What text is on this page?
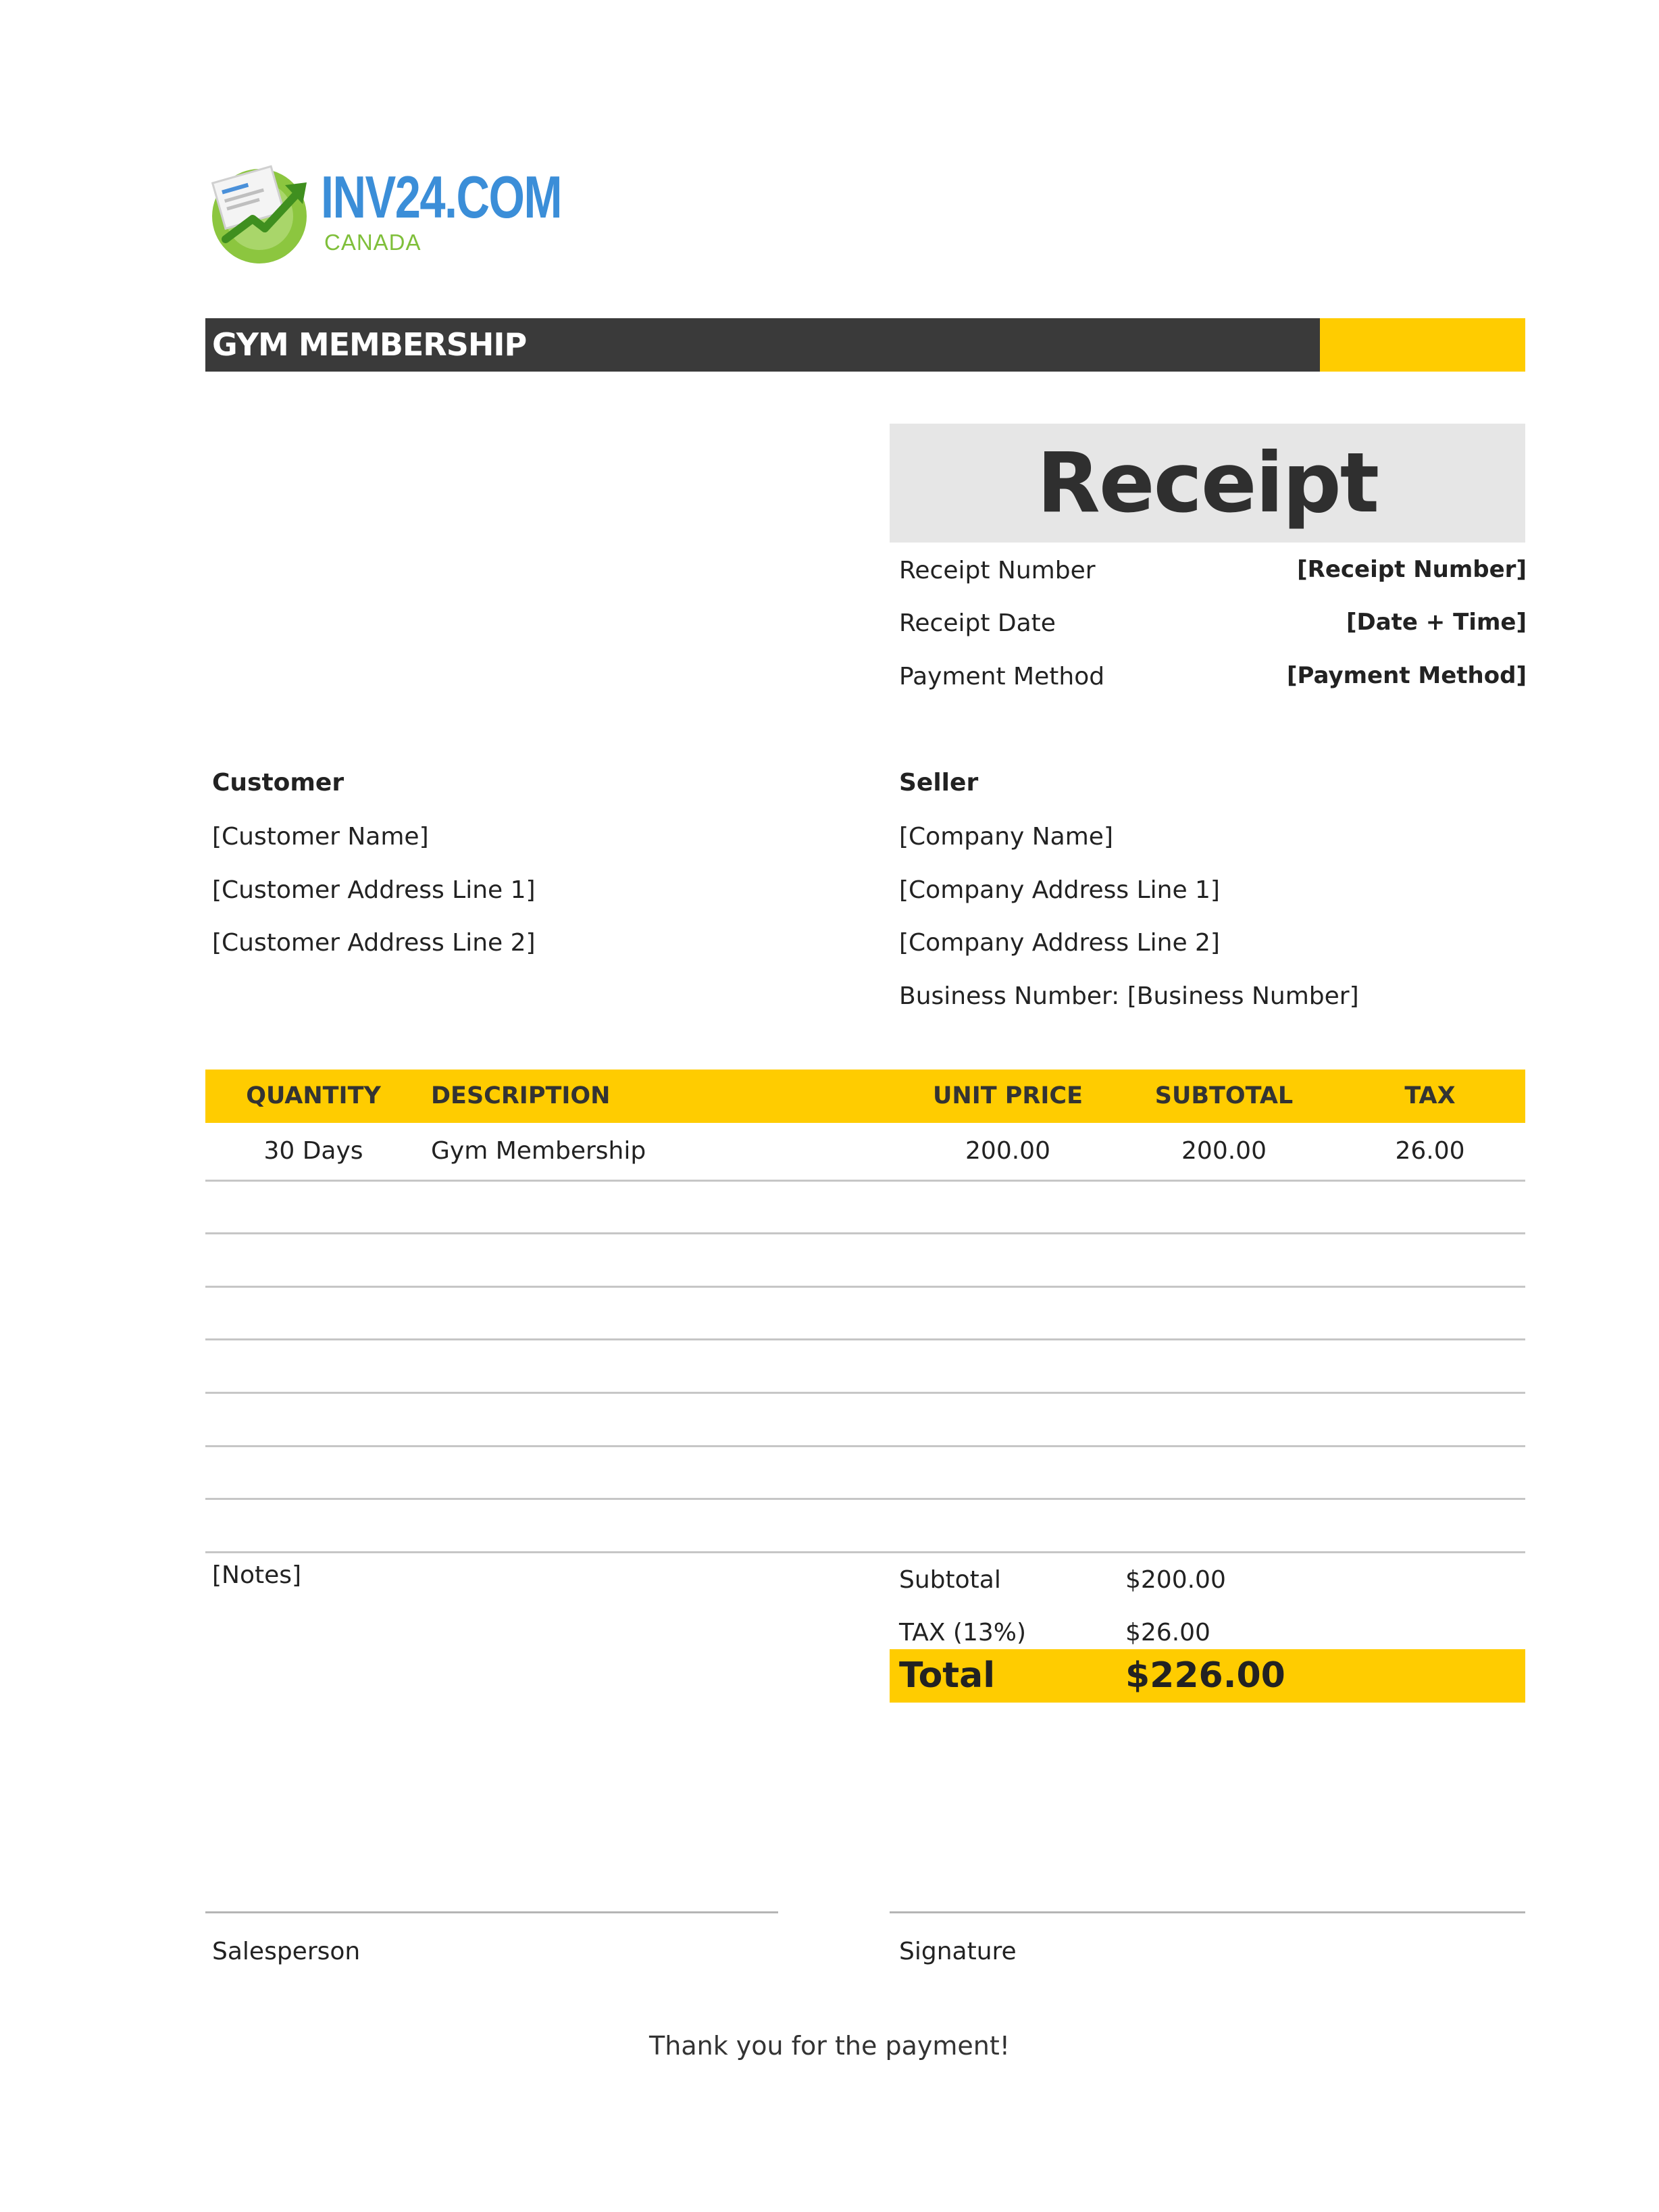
INV24.COM
CANADA
GYM MEMBERSHIP
Receipt
Receipt Number	[Receipt Number]
Receipt Date	[Date + Time]
Payment Method	[Payment Method]
Customer
[Customer Name]
[Customer Address Line 1]
[Customer Address Line 2]
Seller
[Company Name]
[Company Address Line 1]
[Company Address Line 2]
Business Number: [Business Number]
QUANTITY	DESCRIPTION	UNIT PRICE	SUBTOTAL	TAX
30 Days	Gym Membership	200.00	200.00	26.00
[Notes]	Subtotal	$200.00
TAX (13%)	$26.00
Total	$226.00
Salesperson	Signature
Thank you for the payment!
